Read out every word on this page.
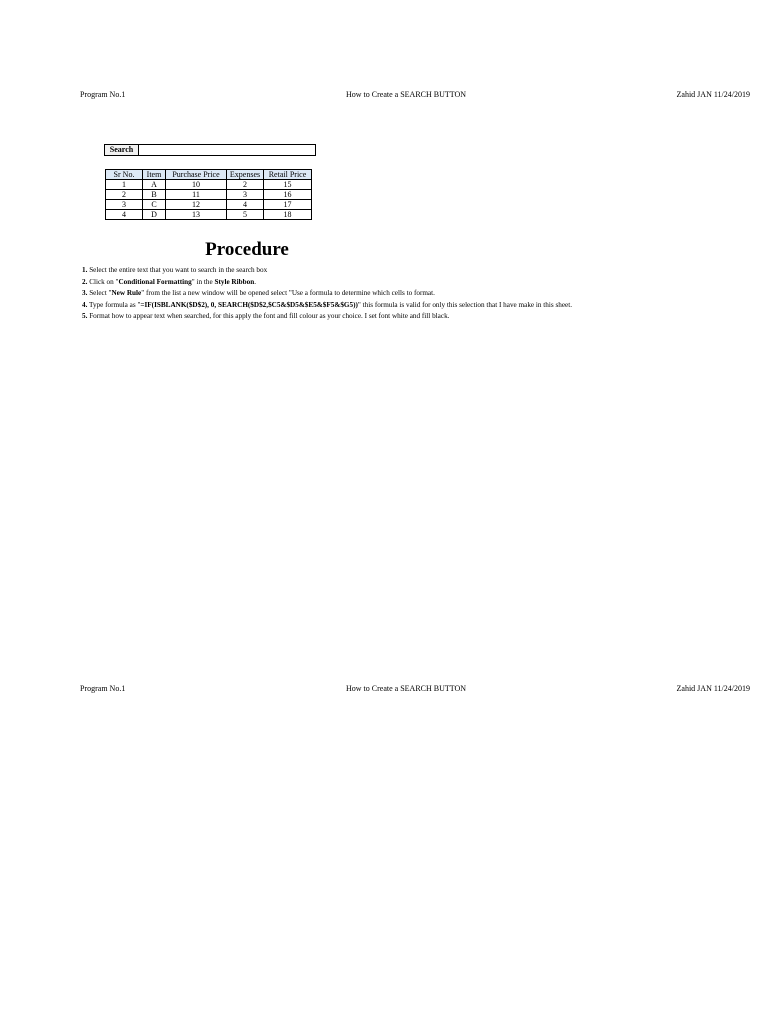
Program No.1	How to Create a SEARCH BUTTON	Zahid JAN 11/24/2019
Search
Sr No.	Item	Purchase Price	Expenses	Retail Price
1	A	10	2	15
2	B	11	3	16
3	C	12	4	17
4	D	13	5	18
Procedure
1. Select the entire text that you want to search in the search box
2. Click on "Conditional Formatting" in the Style Ribbon.
3. Select "New Rule" from the list a new window will be opened select "Use a formula to determine which cells to format.
4. Type formula as "=IF(ISBLANK($D$2), 0, SEARCH($D$2,$C5&$D5&$E5&$F5&$G5))" this formula is valid for only this selection that I have make in this sheet.
5. Format how to appear text when searched, for this apply the font and fill colour as your choice. I set font white and fill black.
Program No.1	How to Create a SEARCH BUTTON	Zahid JAN 11/24/2019
